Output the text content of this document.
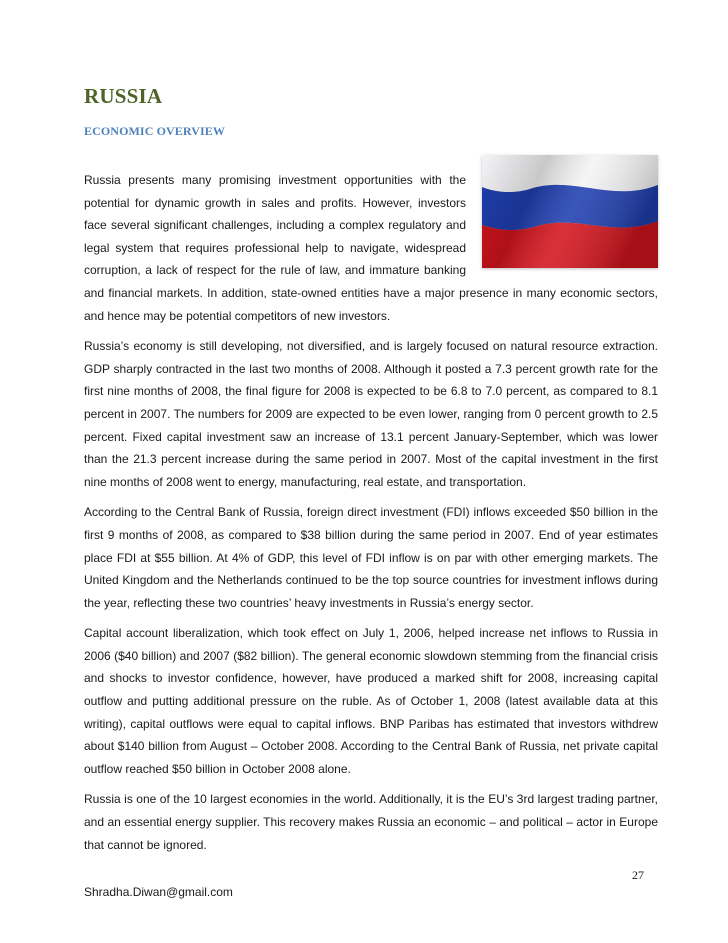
RUSSIA
ECONOMIC OVERVIEW

Russia presents many promising investment opportunities with the potential for dynamic growth in sales and profits. However, investors face several significant challenges, including a complex regulatory and legal system that requires professional help to navigate, widespread corruption, a lack of respect for the rule of law, and immature banking and financial markets. In addition, state-owned entities have a major presence in many economic sectors, and hence may be potential competitors of new investors.

Russia’s economy is still developing, not diversified, and is largely focused on natural resource extraction. GDP sharply contracted in the last two months of 2008. Although it posted a 7.3 percent growth rate for the first nine months of 2008, the final figure for 2008 is expected to be 6.8 to 7.0 percent, as compared to 8.1 percent in 2007. The numbers for 2009 are expected to be even lower, ranging from 0 percent growth to 2.5 percent. Fixed capital investment saw an increase of 13.1 percent January-September, which was lower than the 21.3 percent increase during the same period in 2007. Most of the capital investment in the first nine months of 2008 went to energy, manufacturing, real estate, and transportation.

According to the Central Bank of Russia, foreign direct investment (FDI) inflows exceeded $50 billion in the first 9 months of 2008, as compared to $38 billion during the same period in 2007. End of year estimates place FDI at $55 billion. At 4% of GDP, this level of FDI inflow is on par with other emerging markets. The United Kingdom and the Netherlands continued to be the top source countries for investment inflows during the year, reflecting these two countries’ heavy investments in Russia’s energy sector.

Capital account liberalization, which took effect on July 1, 2006, helped increase net inflows to Russia in 2006 ($40 billion) and 2007 ($82 billion). The general economic slowdown stemming from the financial crisis and shocks to investor confidence, however, have produced a marked shift for 2008, increasing capital outflow and putting additional pressure on the ruble. As of October 1, 2008 (latest available data at this writing), capital outflows were equal to capital inflows. BNP Paribas has estimated that investors withdrew about $140 billion from August – October 2008. According to the Central Bank of Russia, net private capital outflow reached $50 billion in October 2008 alone.

Russia is one of the 10 largest economies in the world. Additionally, it is the EU’s 3rd largest trading partner, and an essential energy supplier. This recovery makes Russia an economic – and political – actor in Europe that cannot be ignored.

27

Shradha.Diwan@gmail.com
